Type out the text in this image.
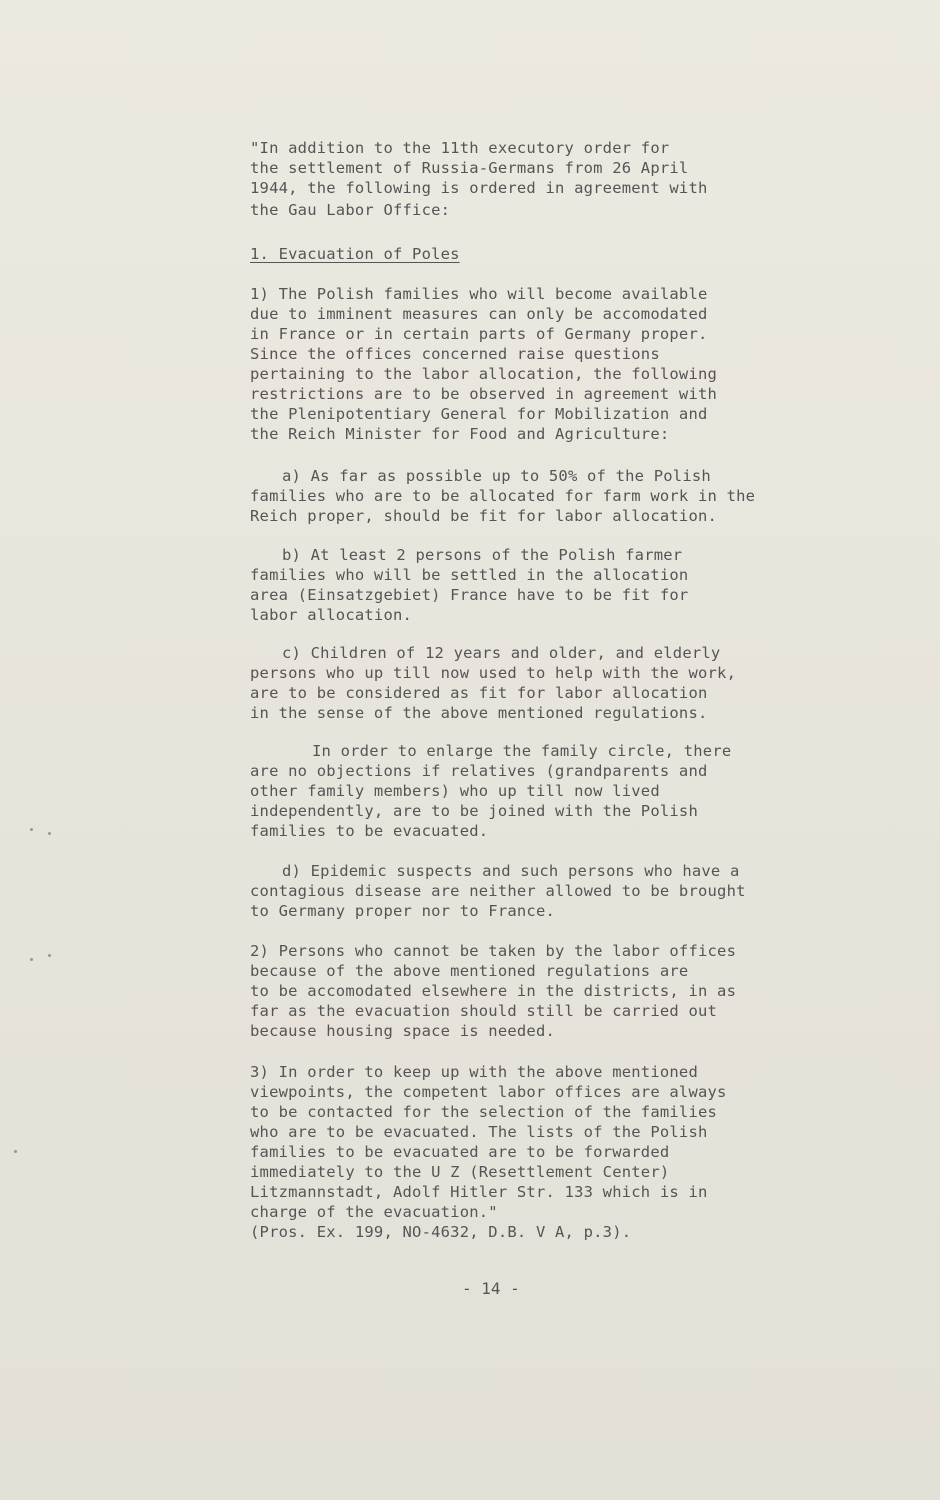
"In addition to the 11th executory order for
the settlement of Russia-Germans from 26 April
1944, the following is ordered in agreement with
the Gau Labor Office:
1. Evacuation of Poles
1) The Polish families who will become available
due to imminent measures can only be accomodated
in France or in certain parts of Germany proper.
Since the offices concerned raise questions
pertaining to the labor allocation, the following
restrictions are to be observed in agreement with
the Plenipotentiary General for Mobilization and
the Reich Minister for Food and Agriculture:
a) As far as possible up to 50% of the Polish
families who are to be allocated for farm work in the
Reich proper, should be fit for labor allocation.
b) At least 2 persons of the Polish farmer
families who will be settled in the allocation
area (Einsatzgebiet) France have to be fit for
labor allocation.
c) Children of 12 years and older, and elderly
persons who up till now used to help with the work,
are to be considered as fit for labor allocation
in the sense of the above mentioned regulations.
In order to enlarge the family circle, there
are no objections if relatives (grandparents and
other family members) who up till now lived
independently, are to be joined with the Polish
families to be evacuated.
d) Epidemic suspects and such persons who have a
contagious disease are neither allowed to be brought
to Germany proper nor to France.
2) Persons who cannot be taken by the labor offices
because of the above mentioned regulations are
to be accomodated elsewhere in the districts, in as
far as the evacuation should still be carried out
because housing space is needed.
3) In order to keep up with the above mentioned
viewpoints, the competent labor offices are always
to be contacted for the selection of the families
who are to be evacuated. The lists of the Polish
families to be evacuated are to be forwarded
immediately to the U Z (Resettlement Center)
Litzmannstadt, Adolf Hitler Str. 133 which is in
charge of the evacuation."
(Pros. Ex. 199, NO-4632, D.B. V A, p.3).
- 14 -
